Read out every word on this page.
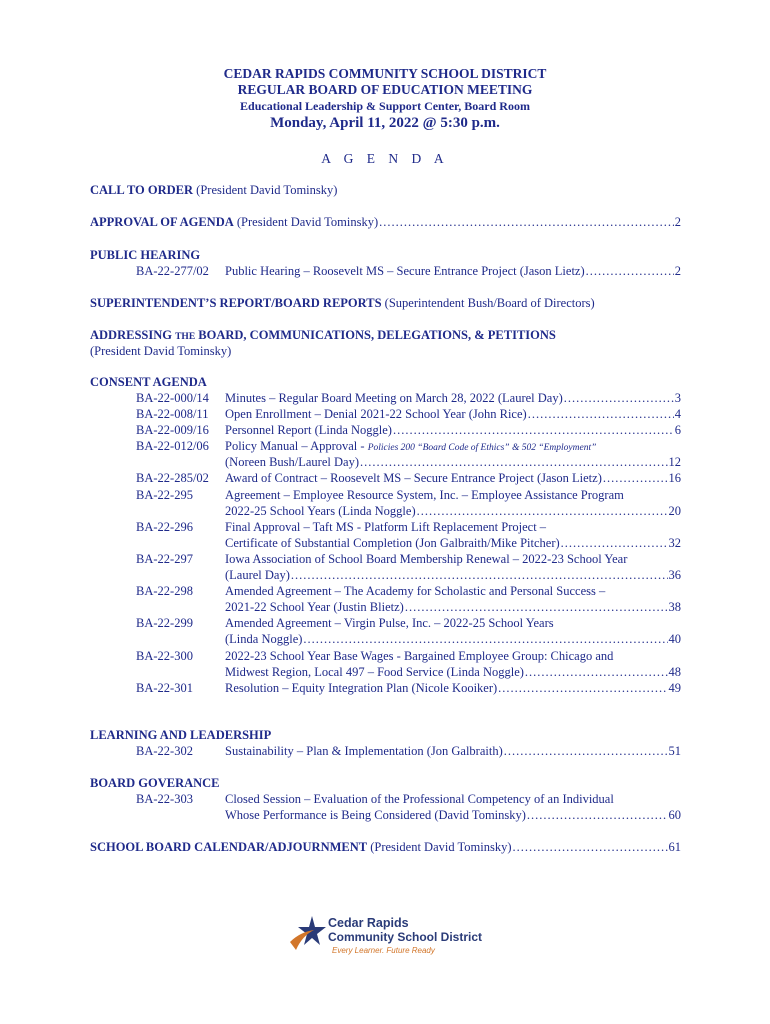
CEDAR RAPIDS COMMUNITY SCHOOL DISTRICT
REGULAR BOARD OF EDUCATION MEETING
Educational Leadership & Support Center, Board Room
Monday, April 11, 2022 @ 5:30 p.m.
A G E N D A
CALL TO ORDER (President David Tominsky)
APPROVAL OF AGENDA (President David Tominsky) .....	2
PUBLIC HEARING
BA-22-277/02 Public Hearing – Roosevelt MS – Secure Entrance Project (Jason Lietz) .....	2
SUPERINTENDENT’S REPORT/BOARD REPORTS (Superintendent Bush/Board of Directors)
ADDRESSING THE BOARD, COMMUNICATIONS, DELEGATIONS, & PETITIONS
(President David Tominsky)
CONSENT AGENDA
BA-22-000/14 Minutes – Regular Board Meeting on March 28, 2022 (Laurel Day) .....	3
BA-22-008/11 Open Enrollment – Denial 2021-22 School Year (John Rice) .....	4
BA-22-009/16 Personnel Report (Linda Noggle) .....	6
BA-22-012/06 Policy Manual – Approval - Policies 200 “Board Code of Ethics” & 502 “Employment”
(Noreen Bush/Laurel Day) .....	12
BA-22-285/02 Award of Contract – Roosevelt MS – Secure Entrance Project (Jason Lietz) .....	16
BA-22-295	Agreement – Employee Resource System, Inc. – Employee Assistance Program
2022-25 School Years (Linda Noggle) .....	20
BA-22-296	Final Approval – Taft MS - Platform Lift Replacement Project –
Certificate of Substantial Completion (Jon Galbraith/Mike Pitcher) .....	32
BA-22-297	Iowa Association of School Board Membership Renewal – 2022-23 School Year
(Laurel Day) .....	36
BA-22-298	Amended Agreement – The Academy for Scholastic and Personal Success –
2021-22 School Year (Justin Blietz) .....	38
BA-22-299	Amended Agreement – Virgin Pulse, Inc. – 2022-25 School Years
(Linda Noggle) .....	40
BA-22-300	2022-23 School Year Base Wages - Bargained Employee Group: Chicago and
Midwest Region, Local 497 – Food Service (Linda Noggle) .....	48
BA-22-301	Resolution – Equity Integration Plan (Nicole Kooiker) .....	49
LEARNING AND LEADERSHIP
BA-22-302	Sustainability – Plan & Implementation (Jon Galbraith) .....	51
BOARD GOVERANCE
BA-22-303	Closed Session – Evaluation of the Professional Competency of an Individual
Whose Performance is Being Considered (David Tominsky) .....	60
SCHOOL BOARD CALENDAR/ADJOURNMENT (President David Tominsky) .....	61
Cedar Rapids
Community School District
Every Learner. Future Ready
